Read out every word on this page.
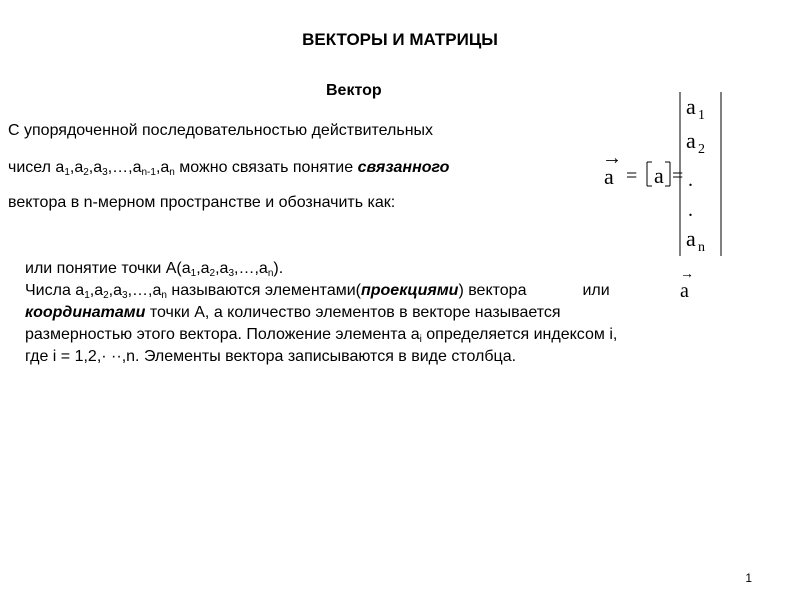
ВЕКТОРЫ И МАТРИЦЫ
Вектор
С упорядоченной последовательностью действительных
чисел $a_1,a_2,a_3,\dots,a_{n-1},a_n$ можно связать понятие связанного
вектора в n-мерном пространстве и обозначить как:
→
a = a =
a 1
a 2
.
.
a n
или понятие точки $A(a_1,a_2,a_3,\dots,a_n)$.
Числа $a_1,a_2,a_3,\dots,a_n$ называются элементами(проекциями) вектора	или
координатами точки A, a количество элементов в векторе называется
размерностью этого вектора. Положение элемента $a_i$ определяется индексом i,
где i = 1,2,· ··,n. Элементы вектора записываются в виде столбца.
→
a
1
